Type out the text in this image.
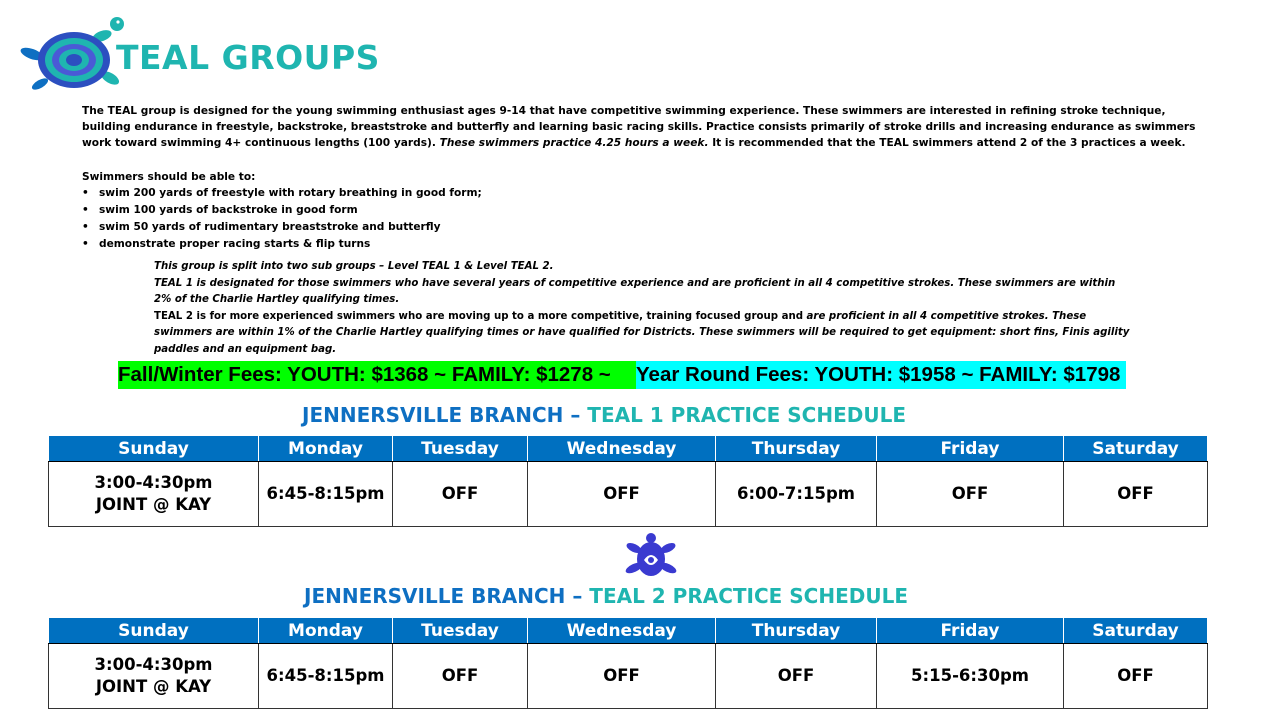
TEAL GROUPS
The TEAL group is designed for the young swimming enthusiast ages 9-14 that have competitive swimming experience. These swimmers are interested in refining stroke technique, building endurance in freestyle, backstroke, breaststroke and butterfly and learning basic racing skills. Practice consists primarily of stroke drills and increasing endurance as swimmers work toward swimming 4+ continuous lengths (100 yards). These swimmers practice 4.25 hours a week. It is recommended that the TEAL swimmers attend 2 of the 3 practices a week.
Swimmers should be able to:
• swim 200 yards of freestyle with rotary breathing in good form;
• swim 100 yards of backstroke in good form
• swim 50 yards of rudimentary breaststroke and butterfly
• demonstrate proper racing starts & flip turns
This group is split into two sub groups – Level TEAL 1 & Level TEAL 2.
TEAL 1 is designated for those swimmers who have several years of competitive experience and are proficient in all 4 competitive strokes. These swimmers are within 2% of the Charlie Hartley qualifying times.
TEAL 2 is for more experienced swimmers who are moving up to a more competitive, training focused group and are proficient in all 4 competitive strokes. These swimmers are within 1% of the Charlie Hartley qualifying times or have qualified for Districts. These swimmers will be required to get equipment: short fins, Finis agility paddles and an equipment bag.
Fall/Winter Fees: YOUTH: $1368 ~ FAMILY: $1278 ~	Year Round Fees: YOUTH: $1958 ~ FAMILY: $1798
JENNERSVILLE BRANCH – TEAL 1 PRACTICE SCHEDULE
Sunday	Monday	Tuesday	Wednesday	Thursday	Friday	Saturday

3:00-4:30pm
JOINT @ KAY	6:45-8:15pm	OFF	OFF	6:00-7:15pm	OFF	OFF
JENNERSVILLE BRANCH – TEAL 2 PRACTICE SCHEDULE
Sunday	Monday	Tuesday	Wednesday	Thursday	Friday	Saturday

3:00-4:30pm
JOINT @ KAY	6:45-8:15pm	OFF	OFF	OFF	5:15-6:30pm	OFF
